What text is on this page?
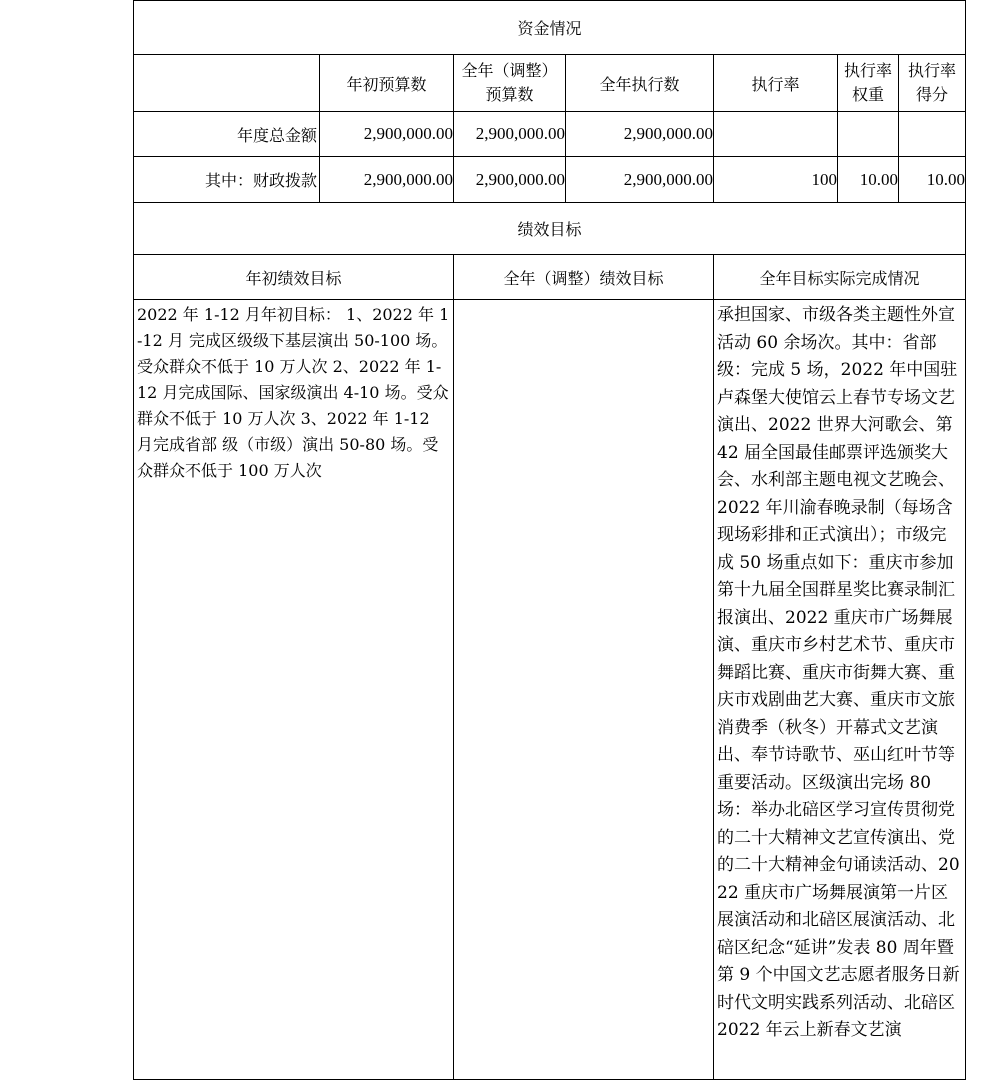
资金情况						
	年初预算数	全年（调整）预算数	全年执行数	执行率	执行率权重	执行率得分
年度总金额	2,900,000.00	2,900,000.00	2,900,000.00			
其中：财政拨款	2,900,000.00	2,900,000.00	2,900,000.00	100	10.00	10.00
绩效目标						
年初绩效目标		全年（调整）绩效目标		全年目标实际完成情况		
2022 年 1-12 月年初目标： 1、2022 年 1-12 月 完成区级级下基层演出 50-100 场。 受众群众不低于 10 万人次 2、2022 年 1-12 月完成国际、国家级演出 4-10 场。受众群众不低于 10 万人次 3、2022 年 1-12 月完成省部 级（市级）演出 50-80 场。受众群众不低于 100 万人次				承担国家、市级各类主题性外宣活动 60 余场次。其中：省部级：完成 5 场，2022 年中国驻卢森堡大使馆云上春节专场文艺演出、2022 世界大河歌会、第 42 届全国最佳邮票评选颁奖大会、水利部主题电视文艺晚会、2022 年川渝春晚录制（每场含现场彩排和正式演出）；市级完成 50 场重点如下：重庆市参加第十九届全国群星奖比赛录制汇报演出、2022 重庆市广场舞展演、重庆市乡村艺术节、重庆市舞蹈比赛、重庆市街舞大赛、重庆市戏剧曲艺大赛、重庆市文旅消费季（秋冬）开幕式文艺演出、奉节诗歌节、巫山红叶节等重要活动。区级演出完场 80 场：举办北碚区学习宣传贯彻党的二十大精神文艺宣传演出、党的二十大精神金句诵读活动、2022 重庆市广场舞展演第一片区展演活动和北碚区展演活动、北碚区纪念“延讲”发表 80 周年暨第 9 个中国文艺志愿者服务日新时代文明实践系列活动、北碚区 2022 年云上新春文艺演		
